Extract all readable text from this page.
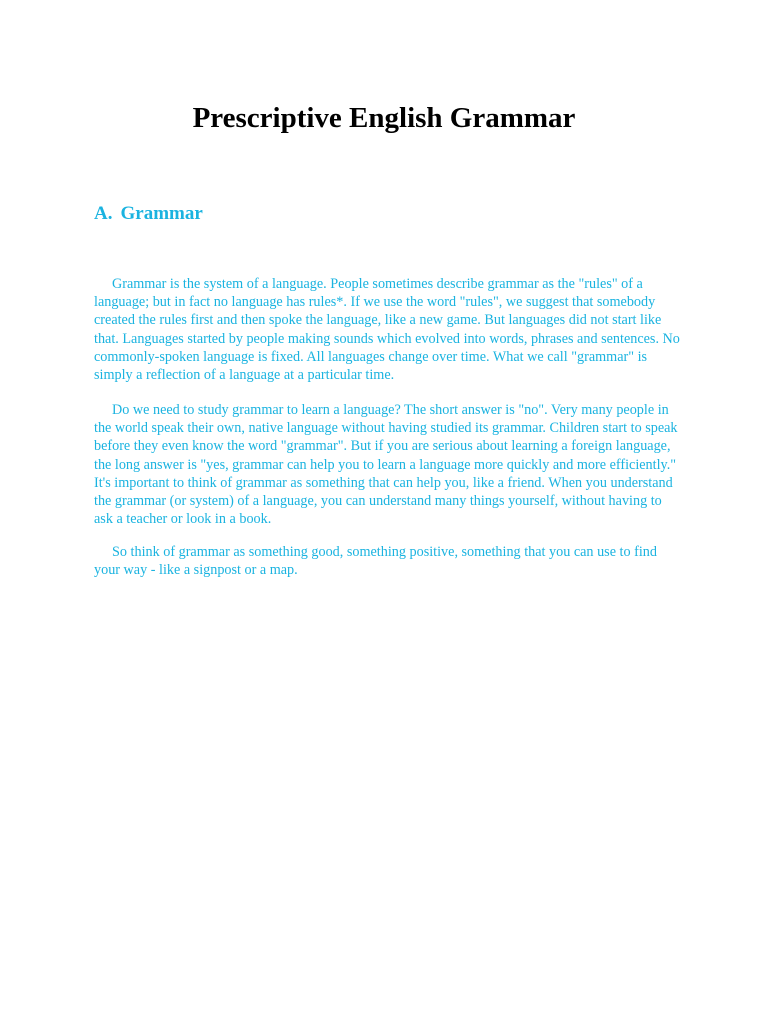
Prescriptive English Grammar
A. Grammar

Grammar is the system of a language. People sometimes describe grammar as the "rules" of a language; but in fact no language has rules*. If we use the word "rules", we suggest that somebody created the rules first and then spoke the language, like a new game. But languages did not start like that. Languages started by people making sounds which evolved into words, phrases and sentences. No commonly-spoken language is fixed. All languages change over time. What we call "grammar" is simply a reflection of a language at a particular time.

Do we need to study grammar to learn a language? The short answer is "no". Very many people in the world speak their own, native language without having studied its grammar. Children start to speak before they even know the word "grammar". But if you are serious about learning a foreign language, the long answer is "yes, grammar can help you to learn a language more quickly and more efficiently." It's important to think of grammar as something that can help you, like a friend. When you understand the grammar (or system) of a language, you can understand many things yourself, without having to ask a teacher or look in a book.

So think of grammar as something good, something positive, something that you can use to find your way - like a signpost or a map.
